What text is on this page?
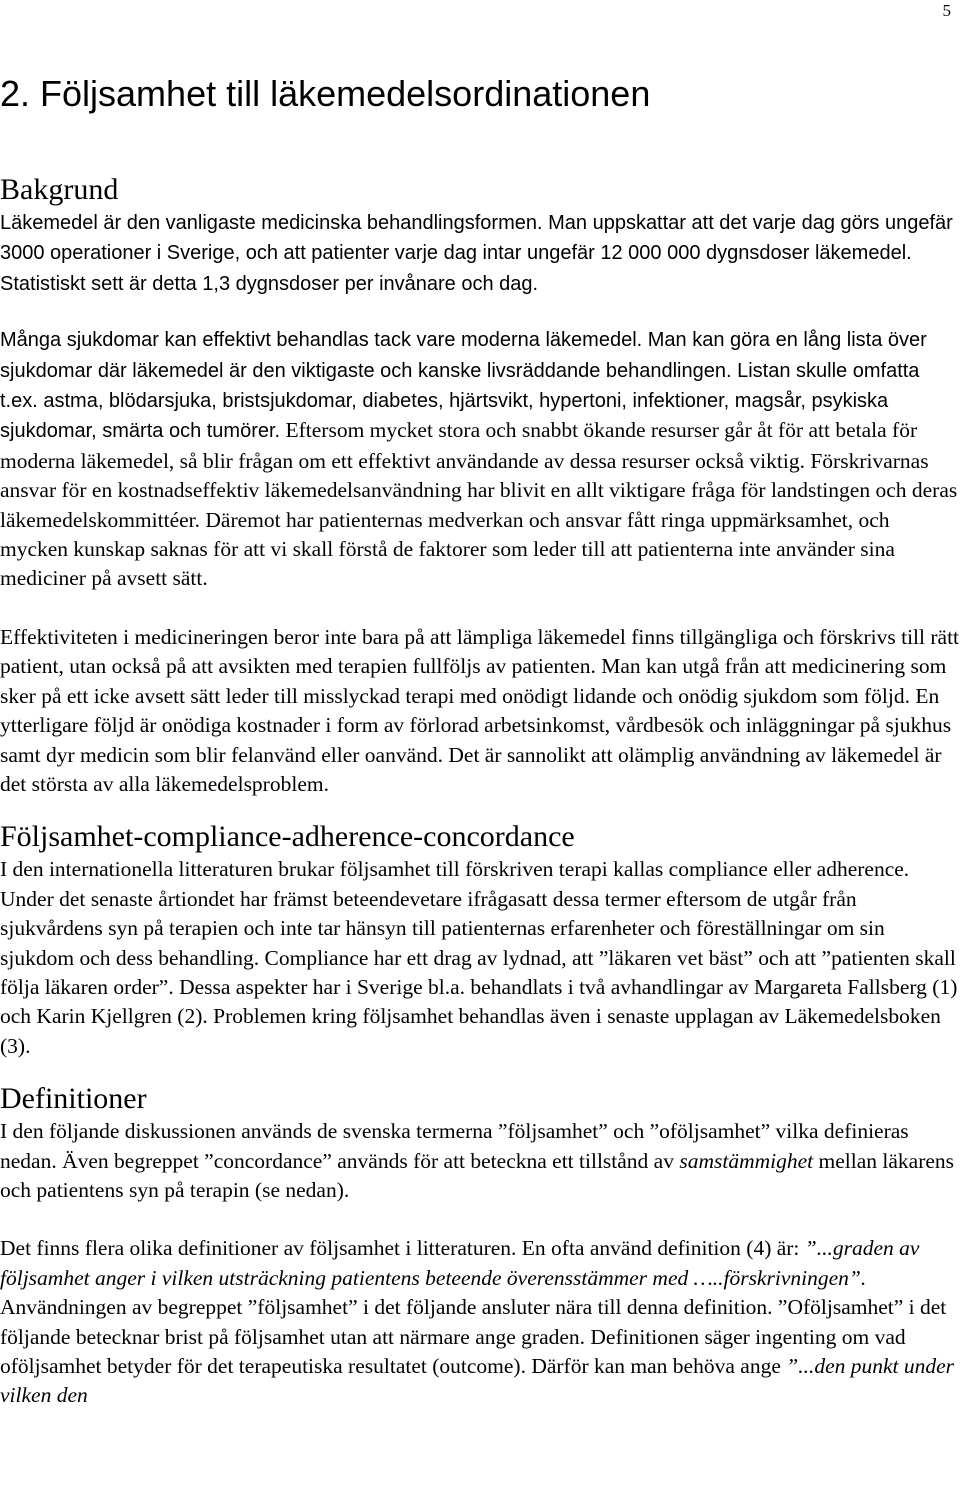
5
2. Följsamhet till läkemedelsordinationen
Bakgrund

Läkemedel är den vanligaste medicinska behandlingsformen. Man uppskattar att det varje dag görs ungefär 3000 operationer i Sverige, och att patienter varje dag intar ungefär 12 000 000 dygnsdoser läkemedel. Statistiskt sett är detta 1,3 dygnsdoser per invånare och dag.

Många sjukdomar kan effektivt behandlas tack vare moderna läkemedel. Man kan göra en lång lista över sjukdomar där läkemedel är den viktigaste och kanske livsräddande behandlingen. Listan skulle omfatta t.ex. astma, blödarsjuka, bristsjukdomar, diabetes, hjärtsvikt, hypertoni, infektioner, magsår, psykiska sjukdomar, smärta och tumörer. Eftersom mycket stora och snabbt ökande resurser går åt för att betala för moderna läkemedel, så blir frågan om ett effektivt användande av dessa resurser också viktig. Förskrivarnas ansvar för en kostnadseffektiv läkemedelsanvändning har blivit en allt viktigare fråga för landstingen och deras läkemedelskommittéer. Däremot har patienternas medverkan och ansvar fått ringa uppmärksamhet, och mycken kunskap saknas för att vi skall förstå de faktorer som leder till att patienterna inte använder sina mediciner på avsett sätt.

Effektiviteten i medicineringen beror inte bara på att lämpliga läkemedel finns tillgängliga och förskrivs till rätt patient, utan också på att avsikten med terapien fullföljs av patienten. Man kan utgå från att medicinering som sker på ett icke avsett sätt leder till misslyckad terapi med onödigt lidande och onödig sjukdom som följd. En ytterligare följd är onödiga kostnader i form av förlorad arbetsinkomst, vårdbesök och inläggningar på sjukhus samt dyr medicin som blir felanvänd eller oanvänd. Det är sannolikt att olämplig användning av läkemedel är det största av alla läkemedelsproblem.

Följsamhet-compliance-adherence-concordance

I den internationella litteraturen brukar följsamhet till förskriven terapi kallas compliance eller adherence. Under det senaste årtiondet har främst beteendevetare ifrågasatt dessa termer eftersom de utgår från sjukvårdens syn på terapien och inte tar hänsyn till patienternas erfarenheter och föreställningar om sin sjukdom och dess behandling. Compliance har ett drag av lydnad, att ”läkaren vet bäst” och att ”patienten skall följa läkaren order”. Dessa aspekter har i Sverige bl.a. behandlats i två avhandlingar av Margareta Fallsberg (1) och Karin Kjellgren (2). Problemen kring följsamhet behandlas även i senaste upplagan av Läkemedelsboken (3).

Definitioner

I den följande diskussionen används de svenska termerna ”följsamhet” och ”oföljsamhet” vilka definieras nedan. Även begreppet ”concordance” används för att beteckna ett tillstånd av samstämmighet mellan läkarens och patientens syn på terapin (se nedan).

Det finns flera olika definitioner av följsamhet i litteraturen. En ofta använd definition (4) är: ”...graden av följsamhet anger i vilken utsträckning patientens beteende överensstämmer med …..förskrivningen”. Användningen av begreppet ”följsamhet” i det följande ansluter nära till denna definition. ”Oföljsamhet” i det följande betecknar brist på följsamhet utan att närmare ange graden. Definitionen säger ingenting om vad oföljsamhet betyder för det terapeutiska resultatet (outcome). Därför kan man behöva ange ”...den punkt under vilken den
